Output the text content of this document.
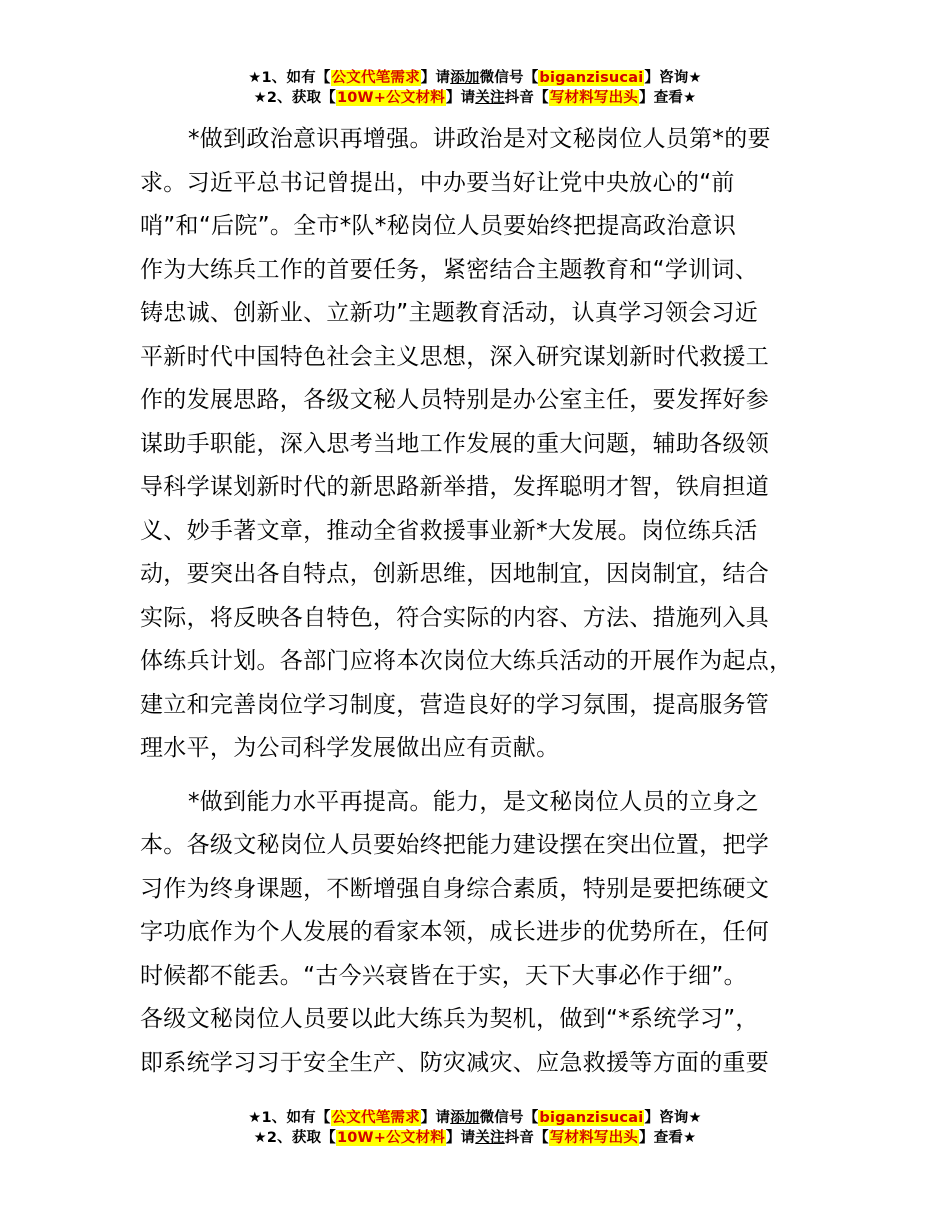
★1、如有【公文代笔需求】请添加微信号【biganzisucai】咨询★
★2、获取【10W+公文材料】请关注抖音【写材料写出头】查看★
*做到政治意识再增强。讲政治是对文秘岗位人员第*的要
求。习近平总书记曾提出，中办要当好让党中央放心的“前
哨”和“后院”。全市*队*秘岗位人员要始终把提高政治意识
作为大练兵工作的首要任务，紧密结合主题教育和“学训词、
铸忠诚、创新业、立新功”主题教育活动，认真学习领会习近
平新时代中国特色社会主义思想，深入研究谋划新时代救援工
作的发展思路，各级文秘人员特别是办公室主任，要发挥好参
谋助手职能，深入思考当地工作发展的重大问题，辅助各级领
导科学谋划新时代的新思路新举措，发挥聪明才智，铁肩担道
义、妙手著文章，推动全省救援事业新*大发展。岗位练兵活
动，要突出各自特点，创新思维，因地制宜，因岗制宜，结合
实际，将反映各自特色，符合实际的内容、方法、措施列入具
体练兵计划。各部门应将本次岗位大练兵活动的开展作为起点，
建立和完善岗位学习制度，营造良好的学习氛围，提高服务管
理水平，为公司科学发展做出应有贡献。
*做到能力水平再提高。能力，是文秘岗位人员的立身之
本。各级文秘岗位人员要始终把能力建设摆在突出位置，把学
习作为终身课题，不断增强自身综合素质，特别是要把练硬文
字功底作为个人发展的看家本领，成长进步的优势所在，任何
时候都不能丢。“古今兴衰皆在于实，天下大事必作于细”。
各级文秘岗位人员要以此大练兵为契机，做到“*系统学习”，
即系统学习习于安全生产、防灾减灾、应急救援等方面的重要
★1、如有【公文代笔需求】请添加微信号【biganzisucai】咨询★
★2、获取【10W+公文材料】请关注抖音【写材料写出头】查看★
